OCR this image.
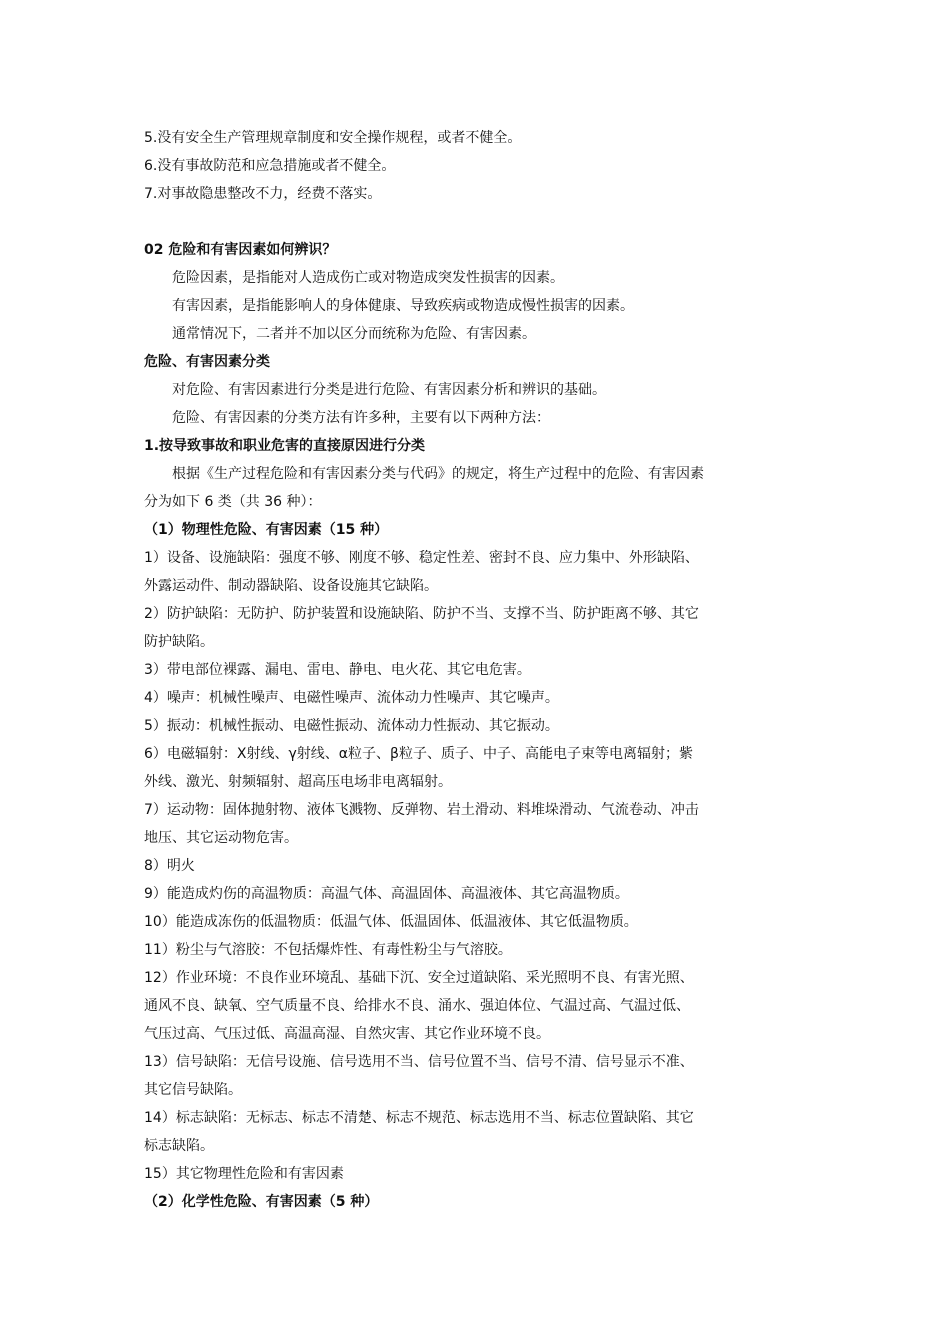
5.没有安全生产管理规章制度和安全操作规程，或者不健全。
6.没有事故防范和应急措施或者不健全。
7.对事故隐患整改不力，经费不落实。
02 危险和有害因素如何辨识？
危险因素，是指能对人造成伤亡或对物造成突发性损害的因素。
有害因素，是指能影响人的身体健康、导致疾病或物造成慢性损害的因素。
通常情况下，二者并不加以区分而统称为危险、有害因素。
危险、有害因素分类
对危险、有害因素进行分类是进行危险、有害因素分析和辨识的基础。
危险、有害因素的分类方法有许多种，主要有以下两种方法：
1.按导致事故和职业危害的直接原因进行分类
根据《生产过程危险和有害因素分类与代码》的规定，将生产过程中的危险、有害因素
分为如下 6 类（共 36 种）：
（1）物理性危险、有害因素（15 种）
1）设备、设施缺陷：强度不够、刚度不够、稳定性差、密封不良、应力集中、外形缺陷、
外露运动件、制动器缺陷、设备设施其它缺陷。
2）防护缺陷：无防护、防护装置和设施缺陷、防护不当、支撑不当、防护距离不够、其它
防护缺陷。
3）带电部位裸露、漏电、雷电、静电、电火花、其它电危害。
4）噪声：机械性噪声、电磁性噪声、流体动力性噪声、其它噪声。
5）振动：机械性振动、电磁性振动、流体动力性振动、其它振动。
6）电磁辐射：Χ射线、γ射线、α粒子、β粒子、质子、中子、高能电子束等电离辐射；紫
外线、激光、射频辐射、超高压电场非电离辐射。
7）运动物：固体抛射物、液体飞溅物、反弹物、岩土滑动、料堆垛滑动、气流卷动、冲击
地压、其它运动物危害。
8）明火
9）能造成灼伤的高温物质：高温气体、高温固体、高温液体、其它高温物质。
10）能造成冻伤的低温物质：低温气体、低温固体、低温液体、其它低温物质。
11）粉尘与气溶胶：不包括爆炸性、有毒性粉尘与气溶胶。
12）作业环境：不良作业环境乱、基础下沉、安全过道缺陷、采光照明不良、有害光照、
通风不良、缺氧、空气质量不良、给排水不良、涌水、强迫体位、气温过高、气温过低、
气压过高、气压过低、高温高湿、自然灾害、其它作业环境不良。
13）信号缺陷：无信号设施、信号选用不当、信号位置不当、信号不清、信号显示不准、
其它信号缺陷。
14）标志缺陷：无标志、标志不清楚、标志不规范、标志选用不当、标志位置缺陷、其它
标志缺陷。
15）其它物理性危险和有害因素
（2）化学性危险、有害因素（5 种）
